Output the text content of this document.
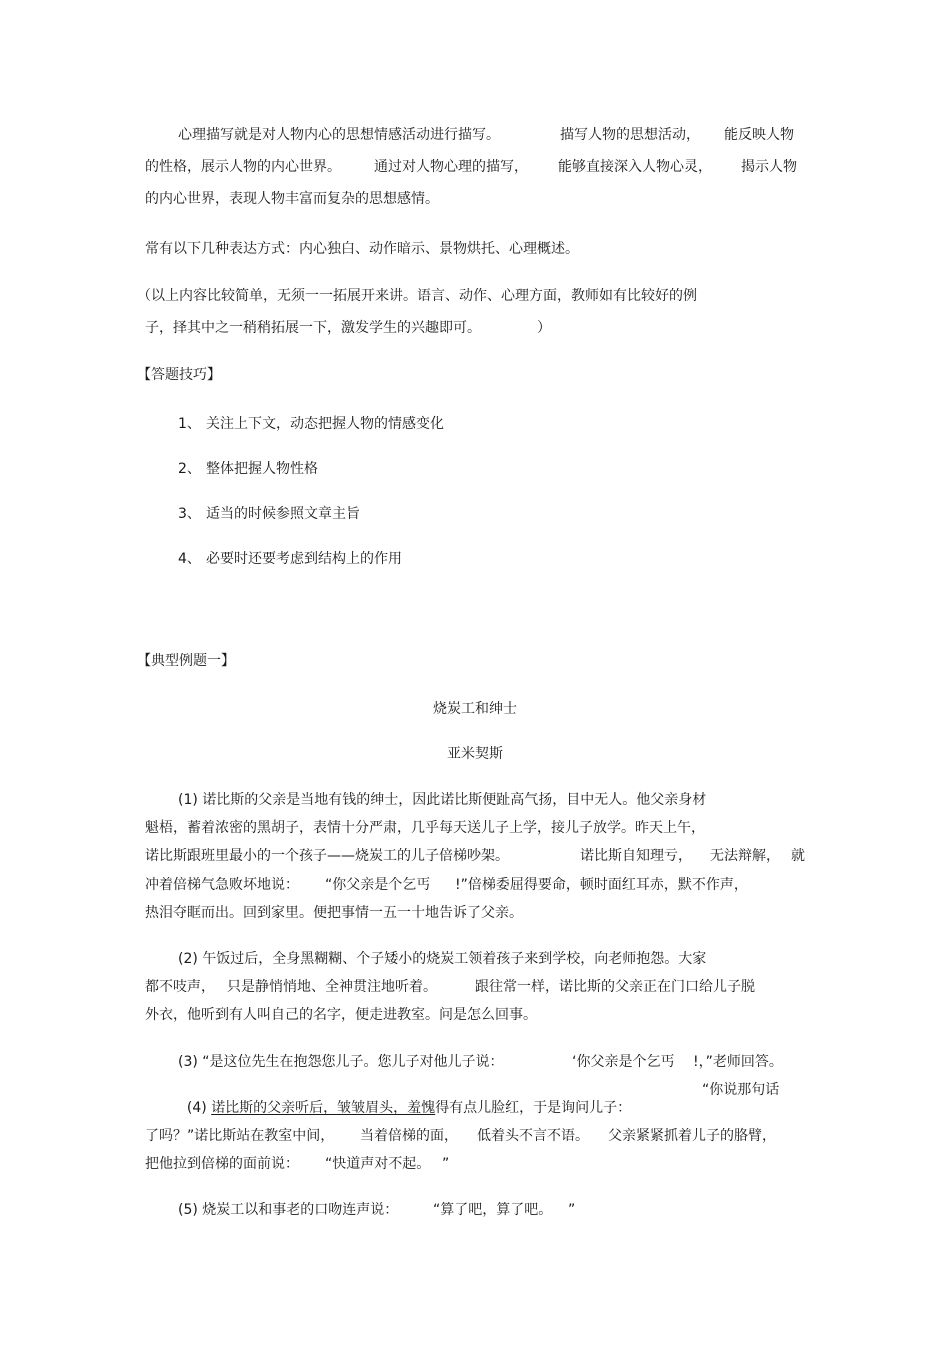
心理描写就是对人物内心的思想情感活动进行描写。	描写人物的思想活动， 能反映人物
的性格，展示人物的内心世界。 通过对人物心理的描写， 能够直接深入人物心灵， 揭示人物
的内心世界，表现人物丰富而复杂的思想感情。
常有以下几种表达方式：内心独白、动作暗示、景物烘托、心理概述。
（以上内容比较简单，无须一一拓展开来讲。语言、动作、心理方面，教师如有比较好的例
子，择其中之一稍稍拓展一下，激发学生的兴趣即可。	）
【答题技巧】
1、 关注上下文，动态把握人物的情感变化
2、 整体把握人物性格
3、 适当的时候参照文章主旨
4、 必要时还要考虑到结构上的作用
【典型例题一】
烧炭工和绅士
亚米契斯
(1) 诺比斯的父亲是当地有钱的绅士，因此诺比斯便趾高气扬，目中无人。他父亲身材
魁梧，蓄着浓密的黑胡子，表情十分严肃，几乎每天送儿子上学，接儿子放学。昨天上午，
诺比斯跟班里最小的一个孩子——烧炭工的儿子倍梯吵架。	诺比斯自知理亏， 无法辩解， 就
冲着倍梯气急败坏地说： “你父亲是个乞丐 !”倍梯委屈得要命，顿时面红耳赤，默不作声，
热泪夺眶而出。回到家里。便把事情一五一十地告诉了父亲。
(2) 午饭过后，全身黑糊糊、个子矮小的烧炭工领着孩子来到学校，向老师抱怨。大家
都不吱声， 只是静悄悄地、全神贯注地听着。	跟往常一样，诺比斯的父亲正在门口给儿子脱
外衣，他听到有人叫自己的名字，便走进教室。问是怎么回事。
(3) “是这位先生在抱怨您儿子。您儿子对他儿子说：	‘你父亲是个乞丐 !，”老师回答。

(4) 诺比斯的父亲听后，皱皱眉头，羞愧得有点儿脸红，于是询问儿子：

“你说那句话
了吗？”诺比斯站在教室中间， 当着倍梯的面， 低着头不言不语。 父亲紧紧抓着儿子的胳臂，
把他拉到倍梯的面前说： “快道声对不起。 ”
(5) 烧炭工以和事老的口吻连声说： “算了吧，算了吧。 ”
